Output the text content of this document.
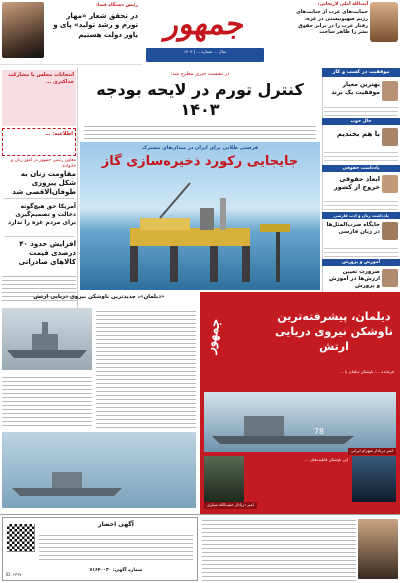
آیت‌الله آملی لاریجانی:
حمایت‌های غرب از جنایت‌های رژیم صهیونیستی در غزه، رفتار غرب را در برابر حقوق بشر را ظاهر ساخت
جمهور
سال ... شماره ... | ۱۴۰۳
رئیس دستگاه قضا:
در تحقق شعار «مهار تورم و رشد تولید» پای و یاور دولت هستیم
انتخابات مجلس با مشارکت حداکثری ...
اطلاعیه: ...
معاون رئیس جمهور در امور زنان و خانواده:
مقاومت زنان به شکل پیروزی طوفان‌الاقصی شد
آمریکا حق هیچ‌گونه دخالت و تصمیم‌گیری برای مردم غزه را ندارد
افزایش حدود ۴۰ درصدی قیمت کالاهای صادراتی
موفقیت در کسب و کار
بهترین معیار موفقیت یک برند
حال خوب
با هم بخندیم
یادداشت حقوقی
ابعاد حقوقی خروج از کشور
یادداشت زبان و ادب فارسی
جایگاه ضرب‌المثل‌ها در زبان فارسی
آموزش و پرورش
ضرورت تعیین ارزش‌ها در آموزش و پرورش
در نشست خبری مطرح شد:
کنترل تورم در لایحه بودجه ۱۴۰۳
فرصتی طلایی برای ایران در میدان‌های مشترک
جایجایی رکورد ذخیره‌سازی گاز
«دیلمان»، جدیدترین ناوشکن نیروی دریایی ارتش
جمهور
دیلمان، پیشرفته‌ترین ناوشکن نیروی دریایی ارتش
فرمانده ...: ناوشکن دیلمان با ...
78
این ناوشکن قابلیت‌های ...
امیر دریادار شهرام ایرانی
امیر دریادار حبیب‌الله سیاری
آگهی احضار
شماره آگهی: ۷۱۶۴۰۰۳۰
۴۳۳۷۰ :ID
